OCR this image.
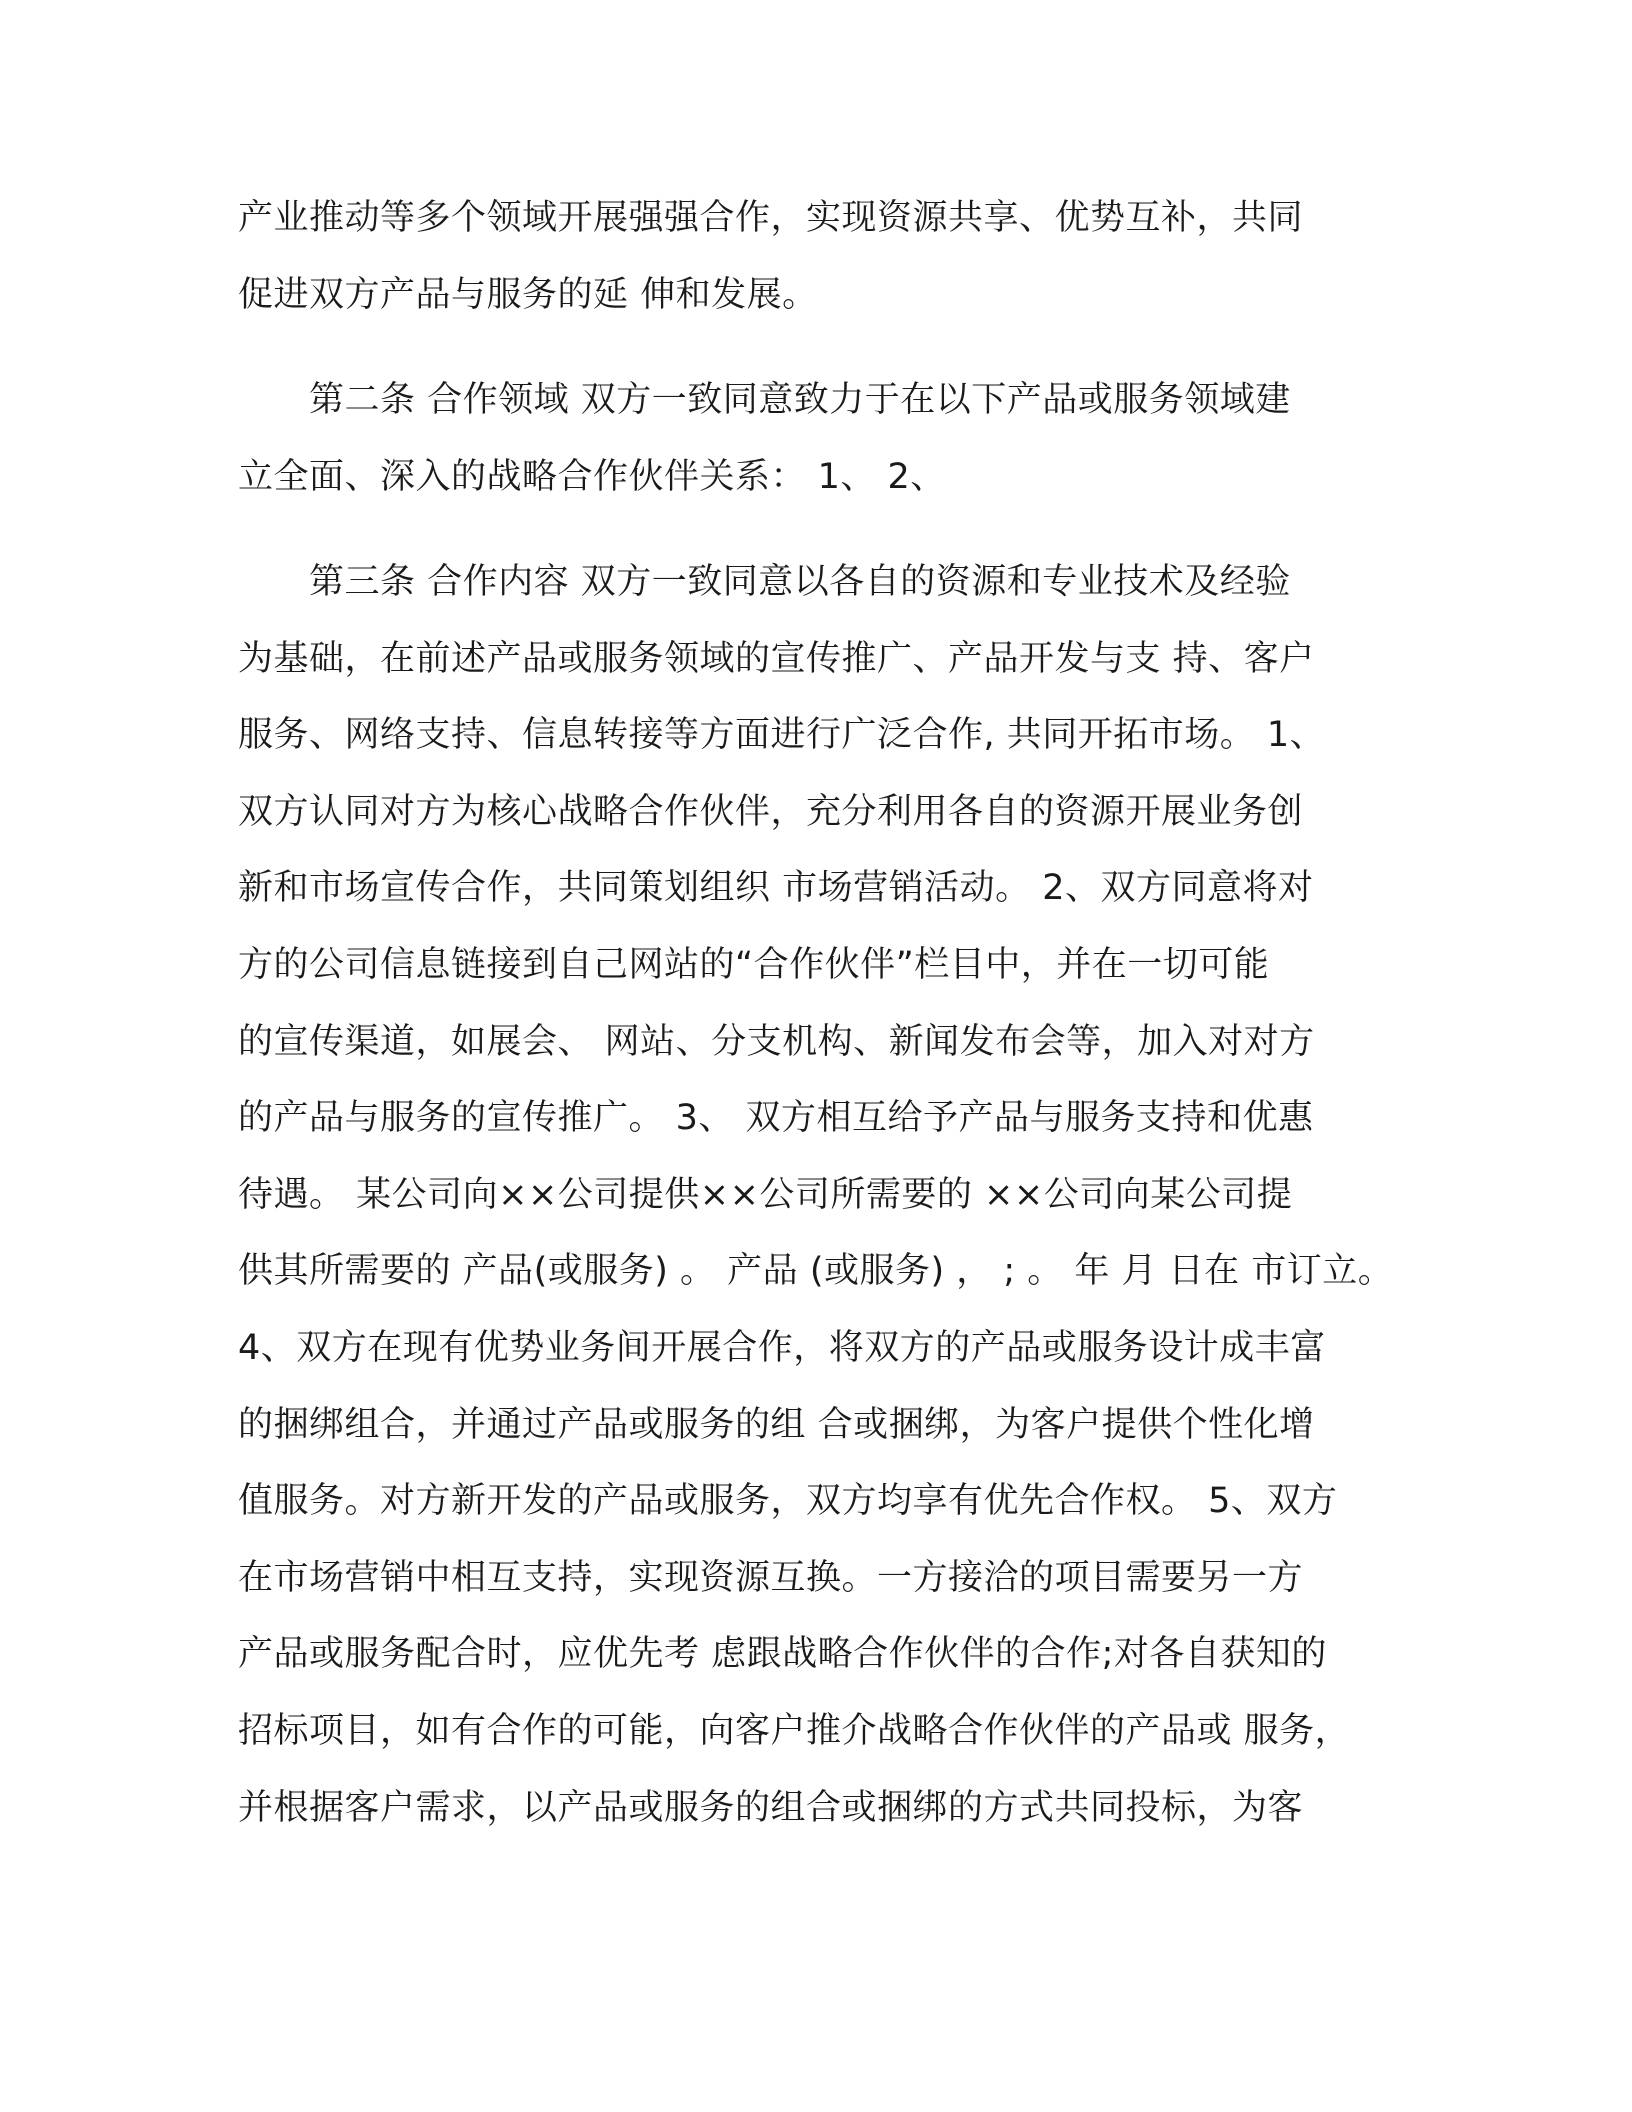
产业推动等多个领域开展强强合作，实现资源共享、优势互补，共同
促进双方产品与服务的延 伸和发展。
　　第二条 合作领域 双方一致同意致力于在以下产品或服务领域建
立全面、深入的战略合作伙伴关系： 1、 2、
　　第三条 合作内容 双方一致同意以各自的资源和专业技术及经验
为基础，在前述产品或服务领域的宣传推广、产品开发与支 持、客户
服务、网络支持、信息转接等方面进行广泛合作, 共同开拓市场。 1、
双方认同对方为核心战略合作伙伴，充分利用各自的资源开展业务创
新和市场宣传合作，共同策划组织 市场营销活动。 2、双方同意将对
方的公司信息链接到自己网站的“合作伙伴”栏目中，并在一切可能
的宣传渠道，如展会、 网站、分支机构、新闻发布会等，加入对对方
的产品与服务的宣传推广。 3、 双方相互给予产品与服务支持和优惠
待遇。 某公司向××公司提供××公司所需要的 ××公司向某公司提
供其所需要的 产品(或服务) 。 产品 (或服务) ， ; 。 年 月 日在 市订立。
4、双方在现有优势业务间开展合作，将双方的产品或服务设计成丰富
的捆绑组合，并通过产品或服务的组 合或捆绑，为客户提供个性化增
值服务。对方新开发的产品或服务，双方均享有优先合作权。 5、双方
在市场营销中相互支持，实现资源互换。一方接洽的项目需要另一方
产品或服务配合时，应优先考 虑跟战略合作伙伴的合作;对各自获知的
招标项目，如有合作的可能，向客户推介战略合作伙伴的产品或 服务，
并根据客户需求，以产品或服务的组合或捆绑的方式共同投标，为客
